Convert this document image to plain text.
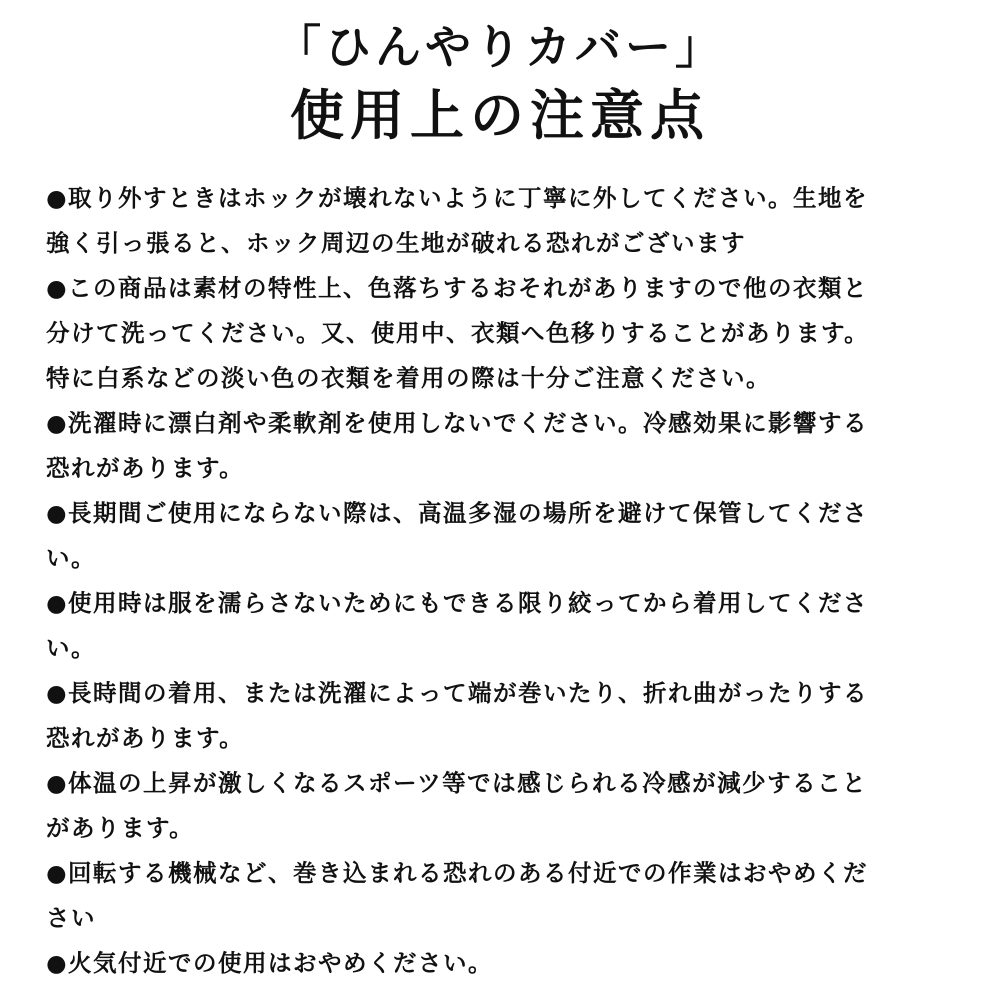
「ひんやりカバー」
使用上の注意点

●取り外すときはホックが壊れないように丁寧に外してください。生地を
強く引っ張ると、ホック周辺の生地が破れる恐れがございます

●この商品は素材の特性上、色落ちするおそれがありますので他の衣類と
分けて洗ってください。又、使用中、衣類へ色移りすることがあります。
特に白系などの淡い色の衣類を着用の際は十分ご注意ください。

●洗濯時に漂白剤や柔軟剤を使用しないでください。冷感効果に影響する
恐れがあります。

●長期間ご使用にならない際は、高温多湿の場所を避けて保管してくださ
い。

●使用時は服を濡らさないためにもできる限り絞ってから着用してくださ
い。

●長時間の着用、または洗濯によって端が巻いたり、折れ曲がったりする
恐れがあります。

●体温の上昇が激しくなるスポーツ等では感じられる冷感が減少すること
があります。

●回転する機械など、巻き込まれる恐れのある付近での作業はおやめくだ
さい

●火気付近での使用はおやめください。
